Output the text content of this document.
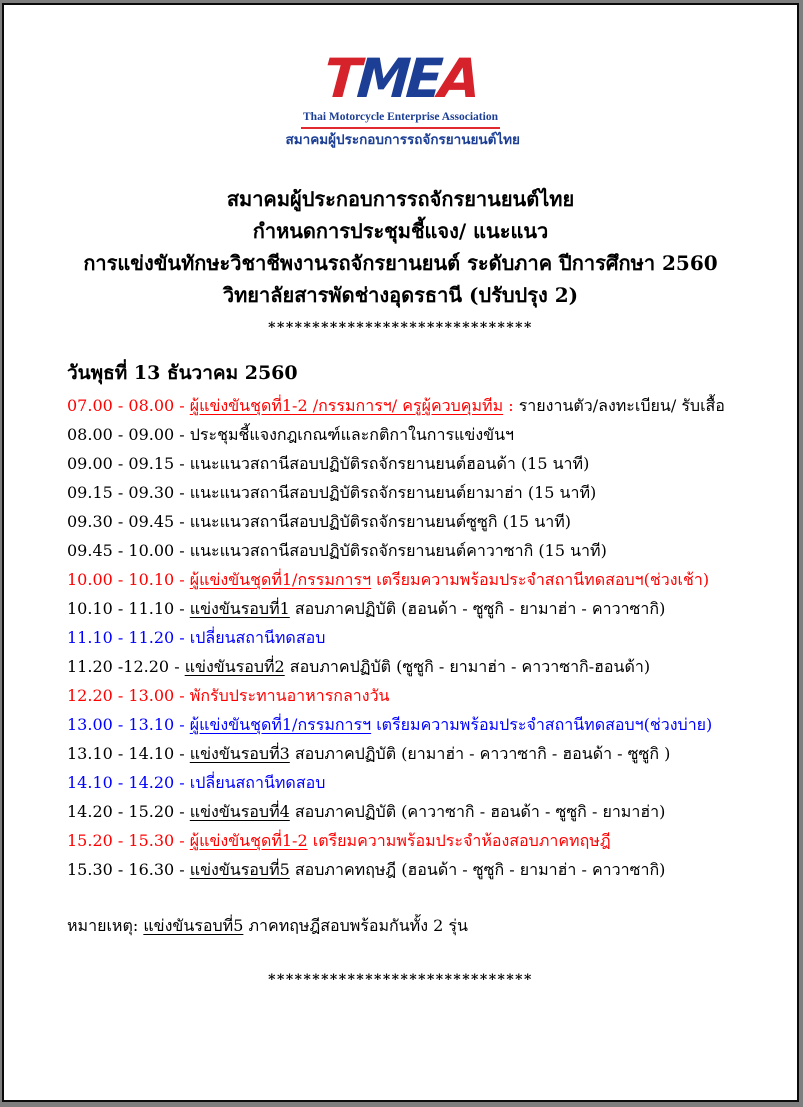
TMEA
Thai Motorcycle Enterprise Association
สมาคมผู้ประกอบการรถจักรยานยนต์ไทย
สมาคมผู้ประกอบการรถจักรยานยนต์ไทย
กำหนดการประชุมชี้แจง/ แนะแนว
การแข่งขันทักษะวิชาชีพงานรถจักรยานยนต์ ระดับภาค ปีการศึกษา 2560
วิทยาลัยสารพัดช่างอุดรธานี (ปรับปรุง 2)
******************************
วันพุธที่ 13 ธันวาคม 2560
07.00 - 08.00 - ผู้แข่งขันชุดที่1-2 /กรรมการฯ/ ครูผู้ควบคุมทีม : รายงานตัว/ลงทะเบียน/ รับเสื้อ
08.00 - 09.00 - ประชุมชี้แจงกฎเกณฑ์และกติกาในการแข่งขันฯ
09.00 - 09.15 - แนะแนวสถานีสอบปฏิบัติรถจักรยานยนต์ฮอนด้า (15 นาที)
09.15 - 09.30 - แนะแนวสถานีสอบปฏิบัติรถจักรยานยนต์ยามาฮ่า (15 นาที)
09.30 - 09.45 - แนะแนวสถานีสอบปฏิบัติรถจักรยานยนต์ซูซูกิ (15 นาที)
09.45 - 10.00 - แนะแนวสถานีสอบปฏิบัติรถจักรยานยนต์คาวาซากิ (15 นาที)
10.00 - 10.10 - ผู้แข่งขันชุดที่1/กรรมการฯ เตรียมความพร้อมประจำสถานีทดสอบฯ(ช่วงเช้า)
10.10 - 11.10 - แข่งขันรอบที่1 สอบภาคปฏิบัติ (ฮอนด้า - ซูซูกิ - ยามาฮ่า - คาวาซากิ)
11.10 - 11.20 - เปลี่ยนสถานีทดสอบ
11.20 -12.20 - แข่งขันรอบที่2 สอบภาคปฏิบัติ (ซูซูกิ - ยามาฮ่า - คาวาซากิ-ฮอนด้า)
12.20 - 13.00 - พักรับประทานอาหารกลางวัน
13.00 - 13.10 - ผู้แข่งขันชุดที่1/กรรมการฯ เตรียมความพร้อมประจำสถานีทดสอบฯ(ช่วงบ่าย)
13.10 - 14.10 - แข่งขันรอบที่3 สอบภาคปฏิบัติ (ยามาฮ่า - คาวาซากิ - ฮอนด้า - ซูซูกิ )
14.10 - 14.20 - เปลี่ยนสถานีทดสอบ
14.20 - 15.20 - แข่งขันรอบที่4 สอบภาคปฏิบัติ (คาวาซากิ - ฮอนด้า - ซูซูกิ - ยามาฮ่า)
15.20 - 15.30 - ผู้แข่งขันชุดที่1-2 เตรียมความพร้อมประจำห้องสอบภาคทฤษฎี
15.30 - 16.30 - แข่งขันรอบที่5 สอบภาคทฤษฎี (ฮอนด้า - ซูซูกิ - ยามาฮ่า - คาวาซากิ)
หมายเหตุ: แข่งขันรอบที่5 ภาคทฤษฎีสอบพร้อมกันทั้ง 2 รุ่น
******************************
